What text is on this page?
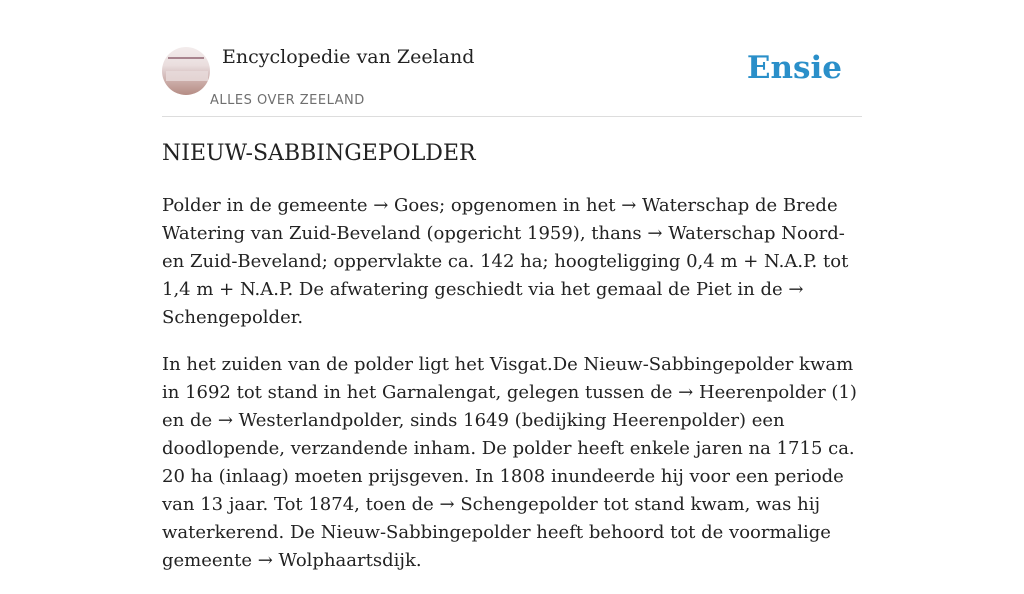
Encyclopedie van Zeeland
ALLES OVER ZEELAND
Ensie
NIEUW-SABBINGEPOLDER

Polder in de gemeente → Goes; opgenomen in het → Waterschap de Brede Watering van Zuid-Beveland (opgericht 1959), thans → Waterschap Noord- en Zuid-Beveland; oppervlakte ca. 142 ha; hoogteligging 0,4 m + N.A.P. tot 1,4 m + N.A.P. De afwatering geschiedt via het gemaal de Piet in de → Schengepolder.

In het zuiden van de polder ligt het Visgat.De Nieuw-Sabbingepolder kwam in 1692 tot stand in het Garnalengat, gelegen tussen de → Heerenpolder (1) en de → Westerlandpolder, sinds 1649 (bedijking Heerenpolder) een doodlopende, verzandende inham. De polder heeft enkele jaren na 1715 ca. 20 ha (inlaag) moeten prijsgeven. In 1808 inundeerde hij voor een periode van 13 jaar. Tot 1874, toen de → Schengepolder tot stand kwam, was hij waterkerend. De Nieuw-Sabbingepolder heeft behoord tot de voormalige gemeente → Wolphaartsdijk.
